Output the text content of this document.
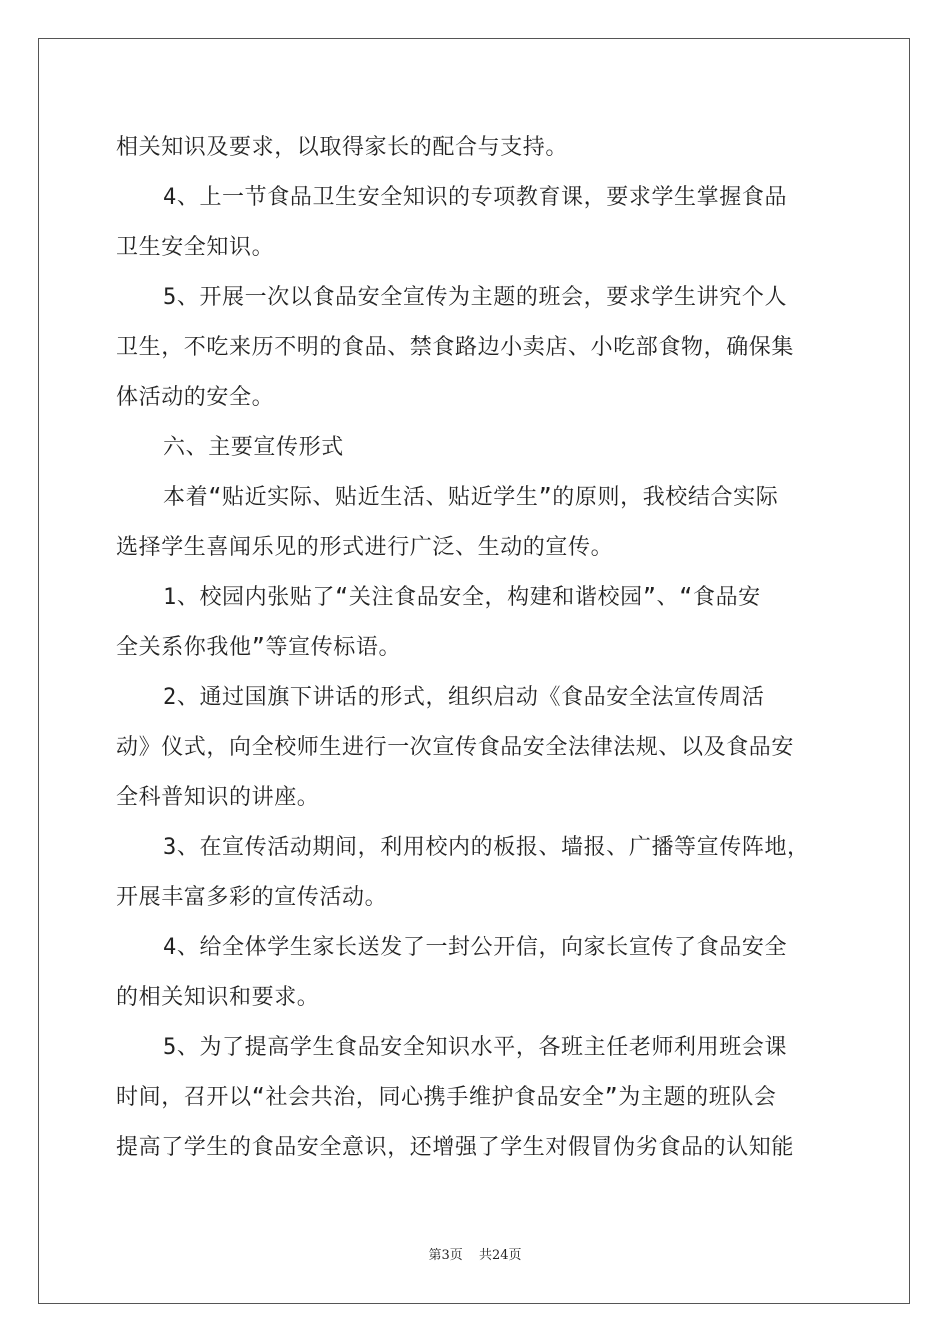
相关知识及要求，以取得家长的配合与支持。
4、上一节食品卫生安全知识的专项教育课，要求学生掌握食品
卫生安全知识。
5、开展一次以食品安全宣传为主题的班会，要求学生讲究个人
卫生，不吃来历不明的食品、禁食路边小卖店、小吃部食物，确保集
体活动的安全。
六、主要宣传形式
本着“贴近实际、贴近生活、贴近学生”的原则，我校结合实际
选择学生喜闻乐见的形式进行广泛、生动的宣传。
1、校园内张贴了“关注食品安全，构建和谐校园”、“食品安
全关系你我他”等宣传标语。
2、通过国旗下讲话的形式，组织启动《食品安全法宣传周活
动》仪式，向全校师生进行一次宣传食品安全法律法规、以及食品安
全科普知识的讲座。
3、在宣传活动期间，利用校内的板报、墙报、广播等宣传阵地，
开展丰富多彩的宣传活动。
4、给全体学生家长送发了一封公开信，向家长宣传了食品安全
的相关知识和要求。
5、为了提高学生食品安全知识水平，各班主任老师利用班会课
时间，召开以“社会共治，同心携手维护食品安全”为主题的班队会
提高了学生的食品安全意识，还增强了学生对假冒伪劣食品的认知能
第3页 共24页
